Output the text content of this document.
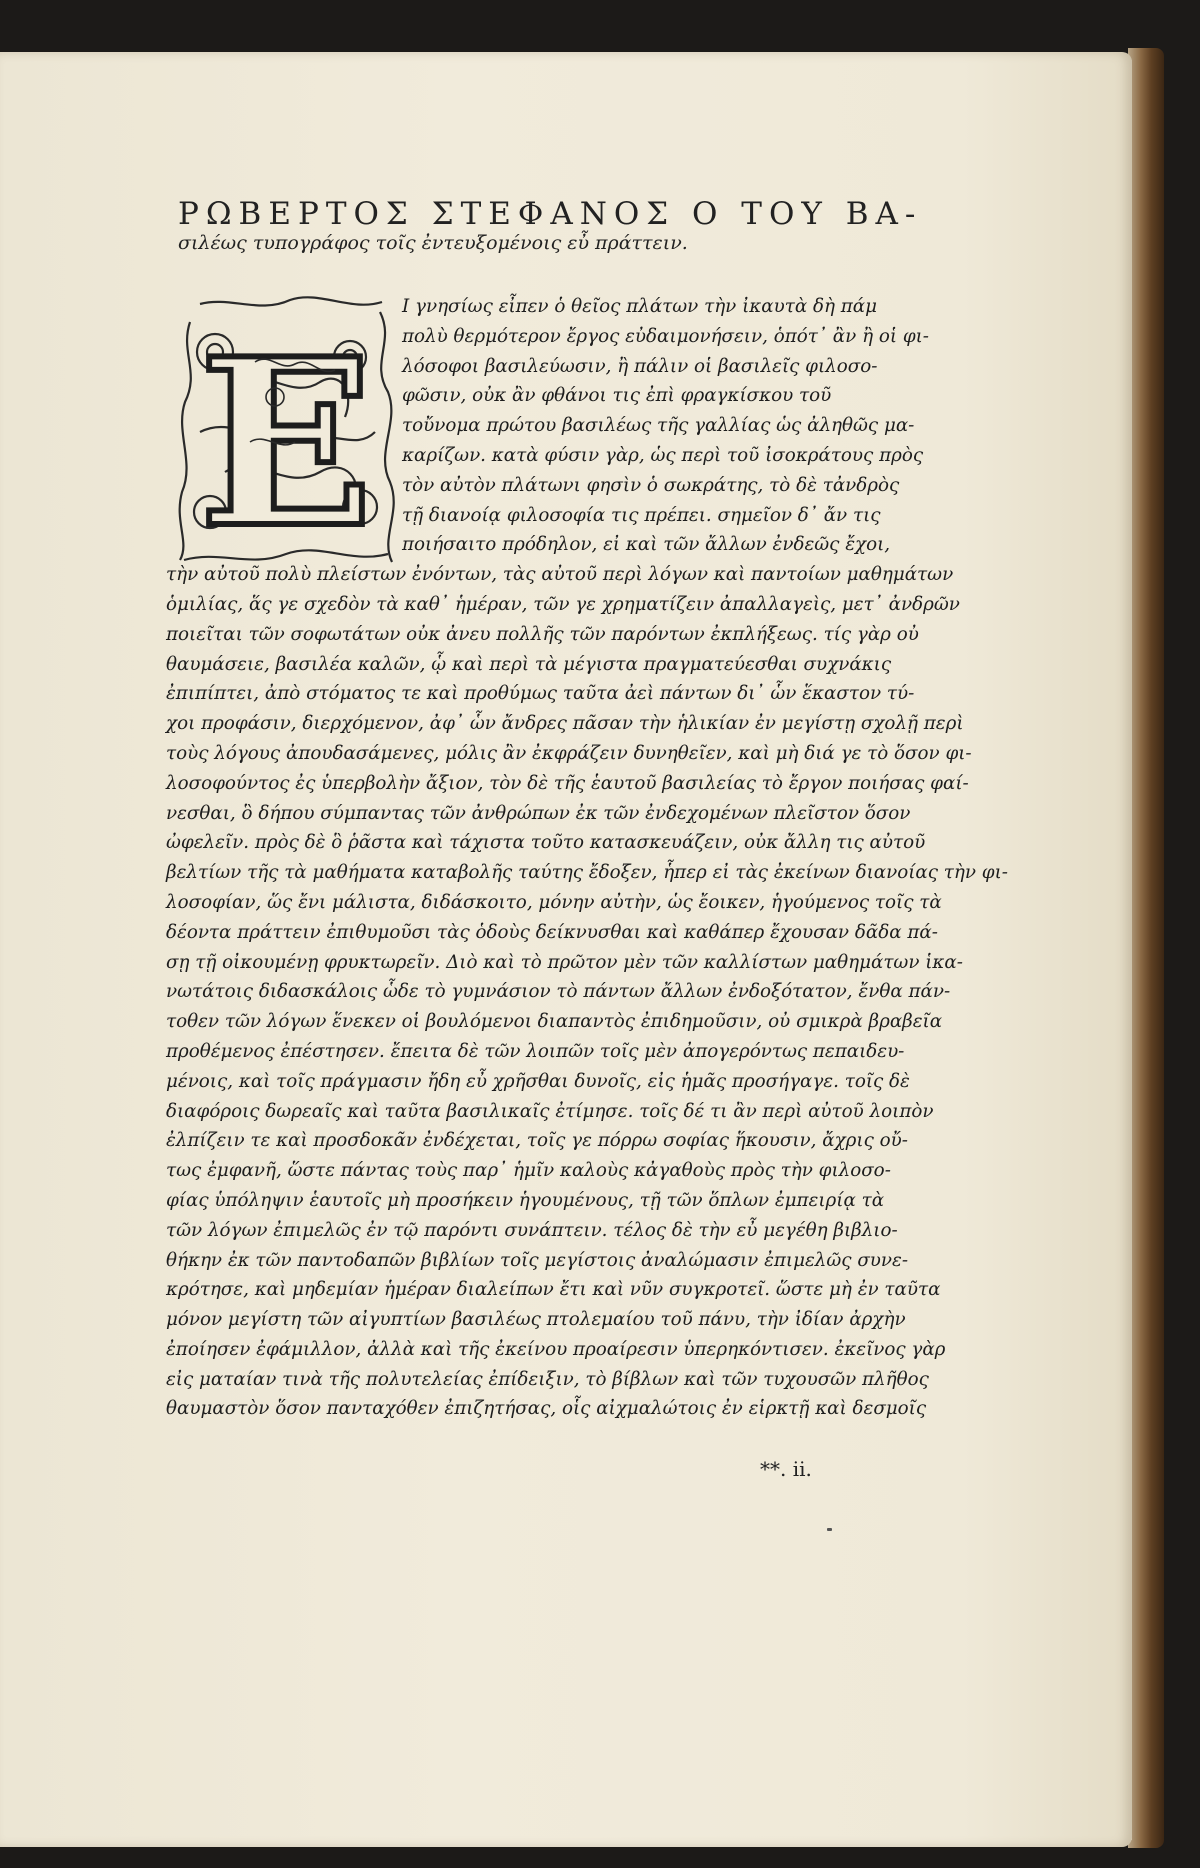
ΡΩΒΕΡΤΟΣ ΣΤΕΦΑΝΟΣ Ο ΤΟΥ ΒΑ-
σιλέως τυπογράφος τοῖς ἐντευξομένοις εὖ πράττειν.
Ε
Ι γνησίως εἶπεν ὁ θεῖος πλάτων τὴν ἰκαυτὰ δὴ πάμ
πολὺ θερμότερον ἔργος εὐδαιμονήσειν, ὁπότ᾽ ἂν ἢ οἱ φι-
λόσοφοι βασιλεύωσιν, ἢ πάλιν οἱ βασιλεῖς φιλοσο-
φῶσιν, οὐκ ἂν φθάνοι τις ἐπὶ φραγκίσκου τοῦ
τοὔνομα πρώτου βασιλέως τῆς γαλλίας ὡς ἀληθῶς μα-
καρίζων. κατὰ φύσιν γὰρ, ὡς περὶ τοῦ ἰσοκράτους πρὸς
τὸν αὐτὸν πλάτωνι φησὶν ὁ σωκράτης, τὸ δὲ τἀνδρὸς
τῇ διανοίᾳ φιλοσοφία τις πρέπει. σημεῖον δ᾽ ἄν τις
ποιήσαιτο πρόδηλον, εἰ καὶ τῶν ἄλλων ἐνδεῶς ἔχοι,
τὴν αὐτοῦ πολὺ πλείστων ἐνόντων, τὰς αὐτοῦ περὶ λόγων καὶ παντοίων μαθημάτων
ὁμιλίας, ἅς γε σχεδὸν τὰ καθ᾽ ἡμέραν, τῶν γε χρηματίζειν ἀπαλλαγεὶς, μετ᾽ ἀνδρῶν
ποιεῖται τῶν σοφωτάτων οὐκ ἀνευ πολλῆς τῶν παρόντων ἐκπλήξεως. τίς γὰρ οὐ
θαυμάσειε, βασιλέα καλῶν, ᾧ καὶ περὶ τὰ μέγιστα πραγματεύεσθαι συχνάκις
ἐπιπίπτει, ἀπὸ στόματος τε καὶ προθύμως ταῦτα ἀεὶ πάντων δι᾽ ὧν ἕκαστον τύ-
χοι προφάσιν, διερχόμενον, ἀφ᾽ ὧν ἄνδρες πᾶσαν τὴν ἡλικίαν ἐν μεγίστῃ σχολῇ περὶ
τοὺς λόγους ἀπουδασάμενες, μόλις ἂν ἐκφράζειν δυνηθεῖεν, καὶ μὴ διά γε τὸ ὅσον φι-
λοσοφούντος ἐς ὑπερβολὴν ἄξιον, τὸν δὲ τῆς ἑαυτοῦ βασιλείας τὸ ἔργον ποιήσας φαί-
νεσθαι, ὃ δήπου σύμπαντας τῶν ἀνθρώπων ἐκ τῶν ἐνδεχομένων πλεῖστον ὅσον
ὠφελεῖν. πρὸς δὲ ὃ ῥᾶστα καὶ τάχιστα τοῦτο κατασκευάζειν, οὐκ ἄλλη τις αὐτοῦ
βελτίων τῆς τὰ μαθήματα καταβολῆς ταύτης ἔδοξεν, ἧπερ εἰ τὰς ἐκείνων διανοίας τὴν φι-
λοσοφίαν, ὥς ἔνι μάλιστα, διδάσκοιτο, μόνην αὐτὴν, ὡς ἔοικεν, ἡγούμενος τοῖς τὰ
δέοντα πράττειν ἐπιθυμοῦσι τὰς ὁδοὺς δείκνυσθαι καὶ καθάπερ ἔχουσαν δᾶδα πά-
σῃ τῇ οἰκουμένῃ φρυκτωρεῖν. Διὸ καὶ τὸ πρῶτον μὲν τῶν καλλίστων μαθημάτων ἱκα-
νωτάτοις διδασκάλοις ὧδε τὸ γυμνάσιον τὸ πάντων ἄλλων ἐνδοξότατον, ἔνθα πάν-
τοθεν τῶν λόγων ἕνεκεν οἱ βουλόμενοι διαπαντὸς ἐπιδημοῦσιν, οὐ σμικρὰ βραβεῖα
προθέμενος ἐπέστησεν. ἔπειτα δὲ τῶν λοιπῶν τοῖς μὲν ἀπογερόντως πεπαιδευ-
μένοις, καὶ τοῖς πράγμασιν ἤδη εὖ χρῆσθαι δυνοῖς, εἰς ἡμᾶς προσήγαγε. τοῖς δὲ
διαφόροις δωρεαῖς καὶ ταῦτα βασιλικαῖς ἐτίμησε. τοῖς δέ τι ἂν περὶ αὐτοῦ λοιπὸν
ἐλπίζειν τε καὶ προσδοκᾶν ἐνδέχεται, τοῖς γε πόρρω σοφίας ἥκουσιν, ἄχρις οὔ-
τως ἐμφανῆ, ὥστε πάντας τοὺς παρ᾽ ἡμῖν καλοὺς κἀγαθοὺς πρὸς τὴν φιλοσο-
φίας ὑπόληψιν ἑαυτοῖς μὴ προσήκειν ἡγουμένους, τῇ τῶν ὅπλων ἐμπειρίᾳ τὰ
τῶν λόγων ἐπιμελῶς ἐν τῷ παρόντι συνάπτειν. τέλος δὲ τὴν εὖ μεγέθη βιβλιο-
θήκην ἐκ τῶν παντοδαπῶν βιβλίων τοῖς μεγίστοις ἀναλώμασιν ἐπιμελῶς συνε-
κρότησε, καὶ μηδεμίαν ἡμέραν διαλείπων ἔτι καὶ νῦν συγκροτεῖ. ὥστε μὴ ἐν ταῦτα
μόνον μεγίστη τῶν αἰγυπτίων βασιλέως πτολεμαίου τοῦ πάνυ, τὴν ἰδίαν ἀρχὴν
ἐποίησεν ἐφάμιλλον, ἀλλὰ καὶ τῆς ἐκείνου προαίρεσιν ὑπερηκόντισεν. ἐκεῖνος γὰρ
εἰς ματαίαν τινὰ τῆς πολυτελείας ἐπίδειξιν, τὸ βίβλων καὶ τῶν τυχουσῶν πλῆθος
θαυμαστὸν ὅσον πανταχόθεν ἐπιζητήσας, οἷς αἰχμαλώτοις ἐν εἱρκτῇ καὶ δεσμοῖς
**. ii.
